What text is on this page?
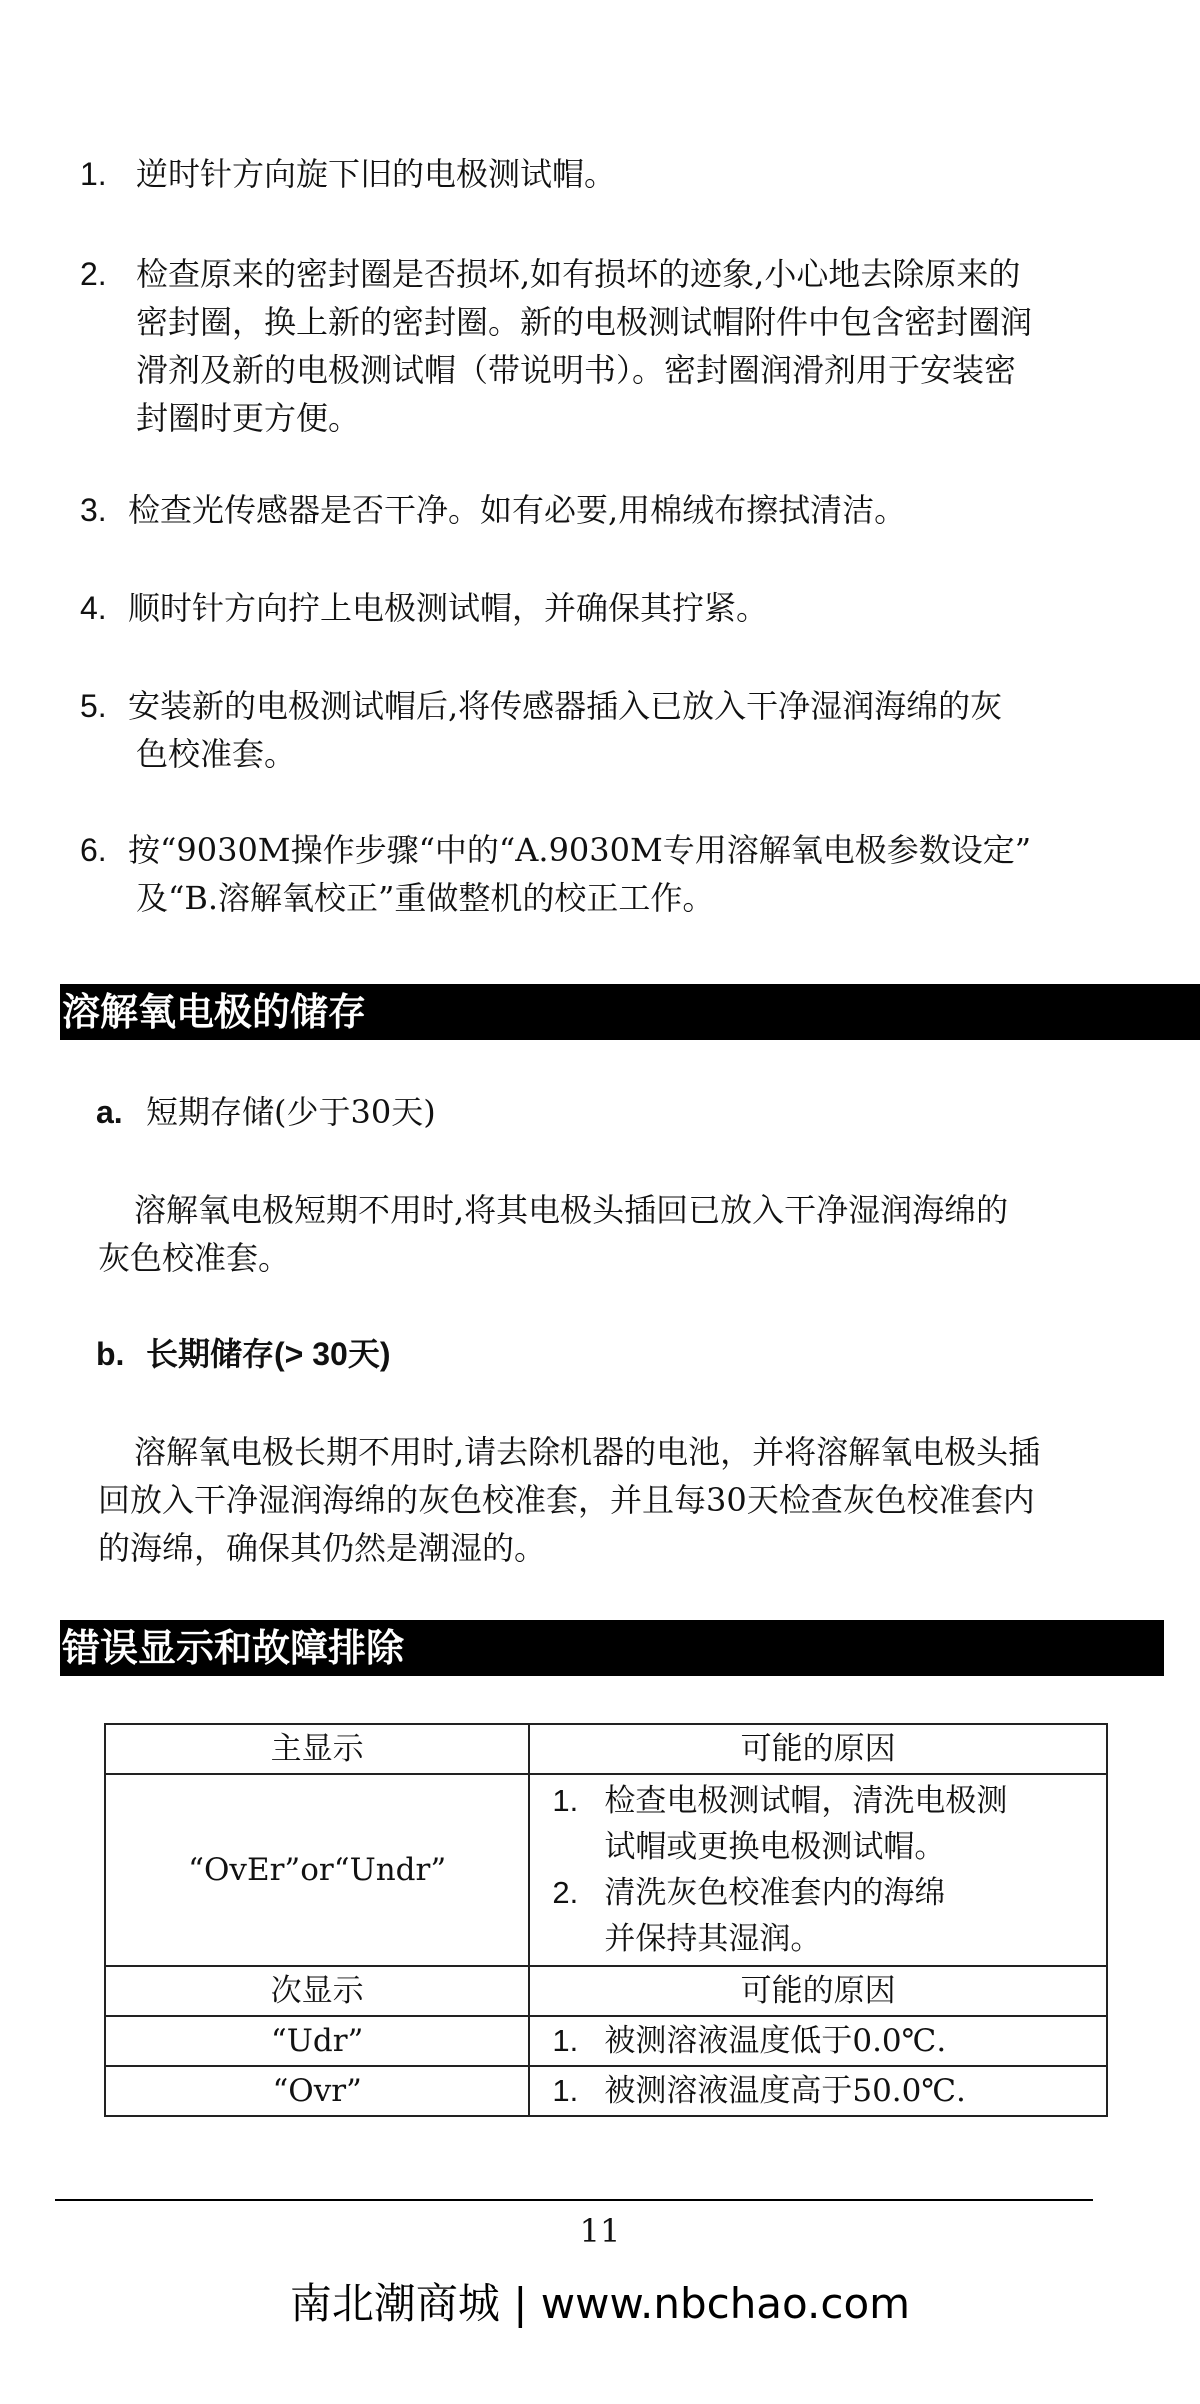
1. 逆时针方向旋下旧的电极测试帽。
2. 检查原来的密封圈是否损坏,如有损坏的迹象,小心地去除原来的
密封圈，换上新的密封圈。新的电极测试帽附件中包含密封圈润
滑剂及新的电极测试帽（带说明书）。密封圈润滑剂用于安装密
封圈时更方便。
3. 检查光传感器是否干净。如有必要,用棉绒布擦拭清洁。
4. 顺时针方向拧上电极测试帽，并确保其拧紧。
5. 安装新的电极测试帽后,将传感器插入已放入干净湿润海绵的灰
色校准套。
6. 按“9030M操作步骤“中的“A.9030M专用溶解氧电极参数设定”
及“B.溶解氧校正”重做整机的校正工作。
溶解氧电极的储存
a. 短期存储(少于30天)
溶解氧电极短期不用时,将其电极头插回已放入干净湿润海绵的
灰色校准套。
b. 长期储存(> 30天)
溶解氧电极长期不用时,请去除机器的电池，并将溶解氧电极头插
回放入干净湿润海绵的灰色校准套，并且每30天检查灰色校准套内
的海绵，确保其仍然是潮湿的。
错误显示和故障排除
主显示	可能的原因
“OvEr”or“Undr”	1. 检查电极测试帽，清洗电极测
试帽或更换电极测试帽。
2. 清洗灰色校准套内的海绵
并保持其湿润。

次显示	可能的原因
“Udr”	1. 被测溶液温度低于0.0℃.

“Ovr”	1. 被测溶液温度高于50.0℃.
11
南北潮商城 | www.nbchao.com
